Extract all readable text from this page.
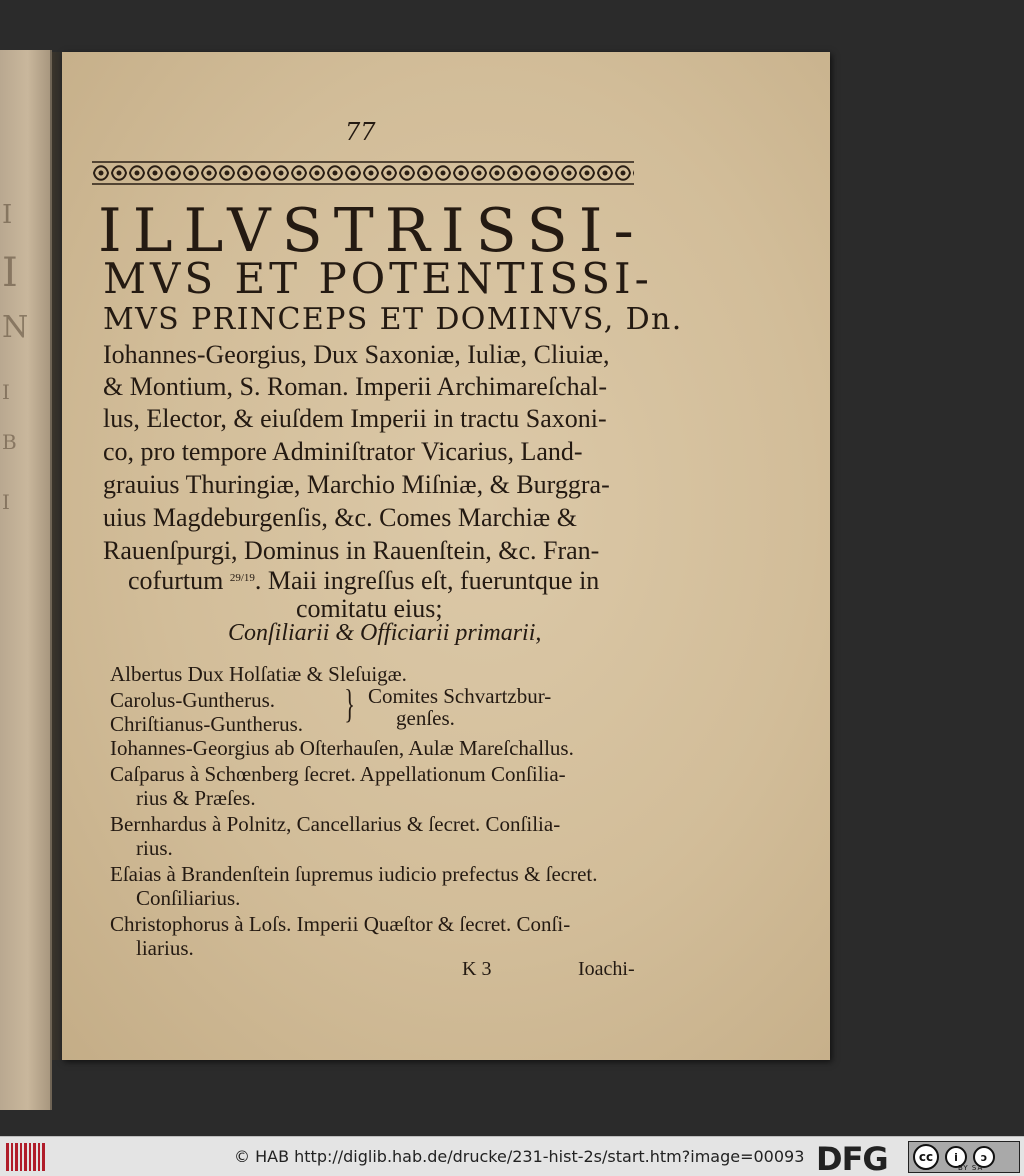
I
I
N
I
B
I
77
ILLVSTRISSI-
MVS ET POTENTISSI-
MVS PRINCEPS ET DOMINVS, Dn.
Iohannes-Georgius, Dux Saxoniæ, Iuliæ, Cliuiæ,
& Montium, S. Roman. Imperii Archimareſchal-
lus, Elector, & eiuſdem Imperii in tractu Saxoni-
co, pro tempore Adminiſtrator Vicarius, Land-
grauius Thuringiæ, Marchio Miſniæ, & Burggra-
uius Magdeburgenſis, &c. Comes Marchiæ &
Rauenſpurgi, Dominus in Rauenſtein, &c. Fran-
cofurtum 29/19. Maii ingreſſus eſt, fueruntque in
comitatu eius;
Conſiliarii & Officiarii primarii,
Albertus Dux Holſatiæ & Sleſuigæ.
Carolus-Guntherus. } Comites Schvartzbur-
Chriſtianus-Guntherus.	genſes.
Iohannes-Georgius ab Oſterhauſen, Aulæ Mareſchallus.
Caſparus à Schœnberg ſecret. Appellationum Conſilia-
rius & Præſes.
Bernhardus à Polnitz, Cancellarius & ſecret. Conſilia-
rius.
Eſaias à Brandenſtein ſupremus iudicio prefectus & ſecret.
Conſiliarius.
Christophorus à Loſs. Imperii Quæſtor & ſecret. Conſi-
liarius.
K 3	Ioachi-
© HAB http://diglib.hab.de/drucke/231-hist-2s/start.htm?image=00093 DFG	cc	i	ↄ
BY SA
